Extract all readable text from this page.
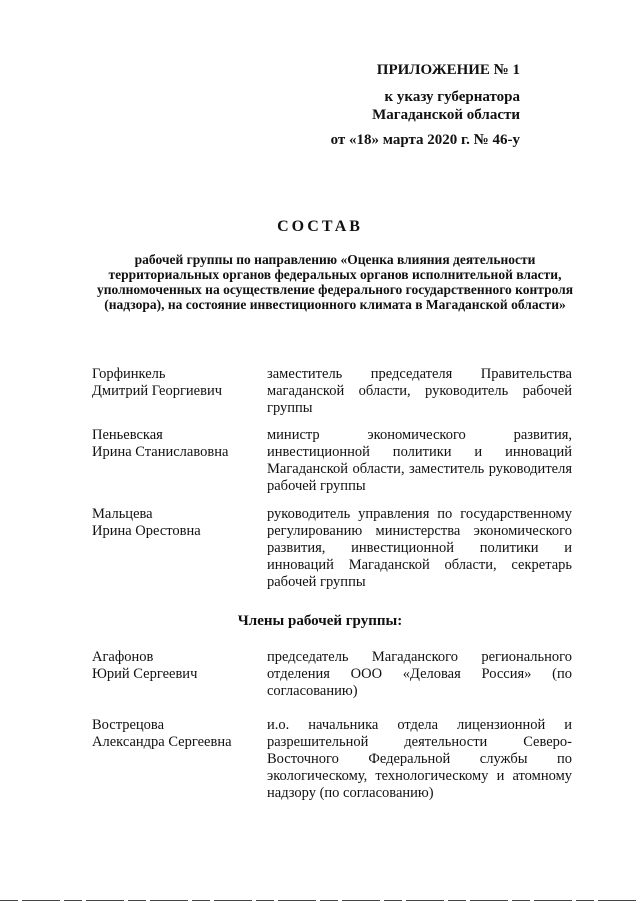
ПРИЛОЖЕНИЕ № 1
к указу губернатора
Магаданской области
от «18» марта 2020 г. № 46-у
СОСТАВ
рабочей группы по направлению «Оценка влияния деятельности территориальных органов федеральных органов исполнительной власти, уполномоченных на осуществление федерального государственного контроля (надзора), на состояние инвестиционного климата в Магаданской области»
Горфинкель
Дмитрий Георгиевич
заместитель председателя Правительства магаданской области, руководитель рабочей группы
Пеньевская
Ирина Станиславовна
министр экономического развития, инвестиционной политики и инноваций Магаданской области, заместитель руководителя рабочей группы
Мальцева
Ирина Орестовна
руководитель управления по государственному регулированию министерства экономического развития, инвестиционной политики и инноваций Магаданской области, секретарь рабочей группы
Члены рабочей группы:
Агафонов
Юрий Сергеевич
председатель Магаданского регионального отделения ООО «Деловая Россия» (по согласованию)
Вострецова
Александра Сергеевна
и.о. начальника отдела лицензионной и разрешительной деятельности Северо-Восточного Федеральной службы по экологическому, технологическому и атомному надзору (по согласованию)
